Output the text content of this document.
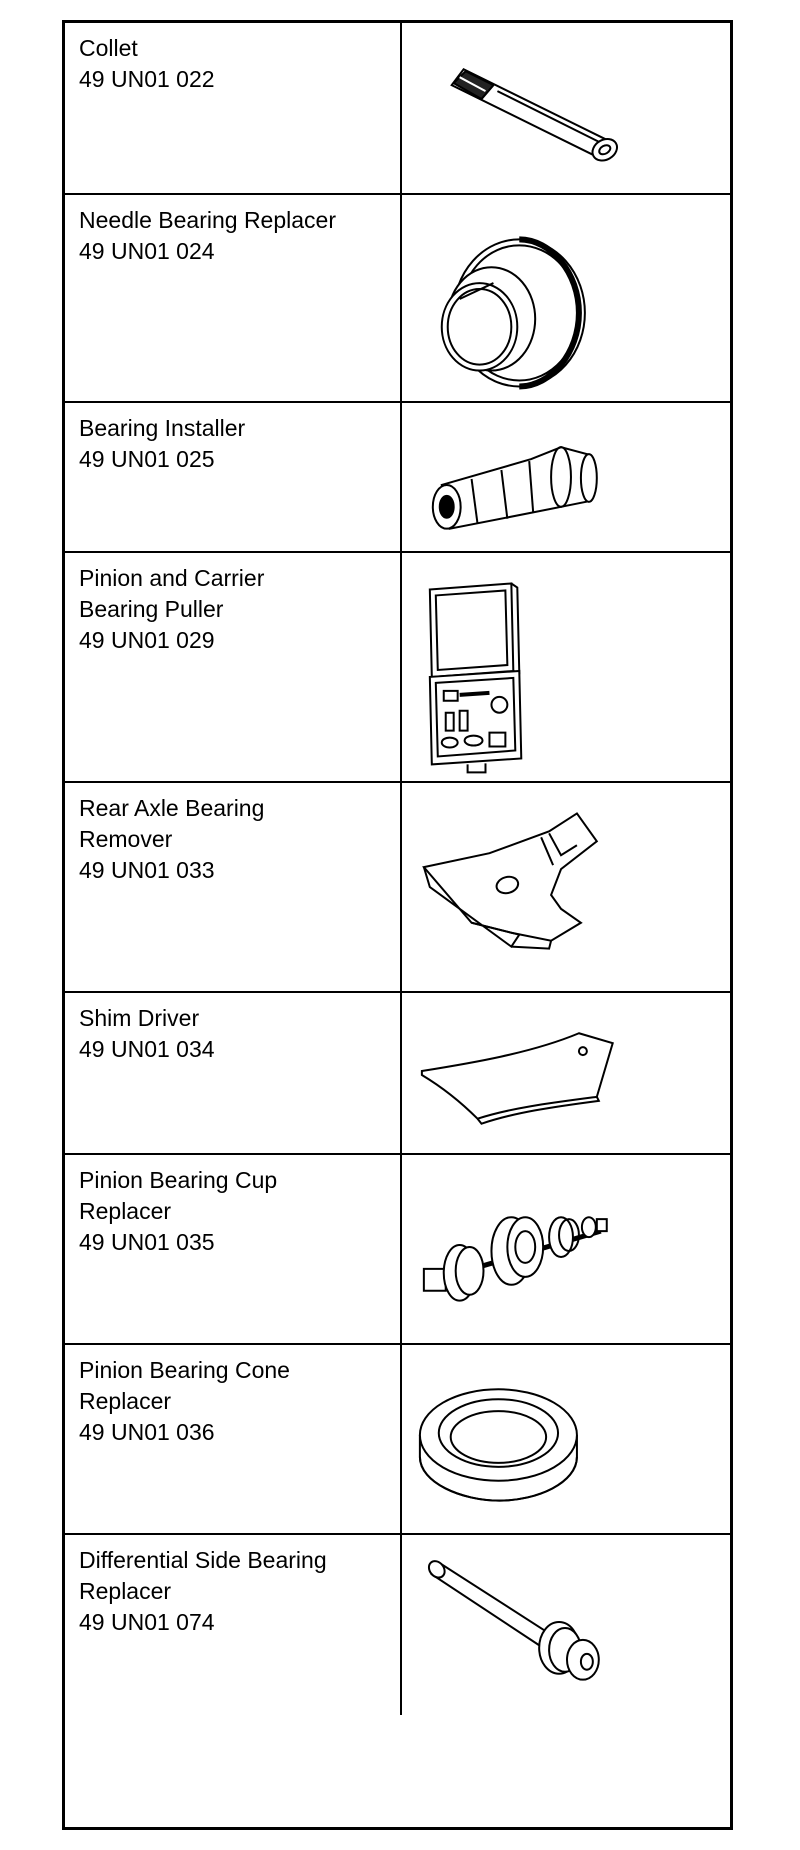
Collet
49 UN01 022
Needle Bearing Replacer
49 UN01 024
Bearing Installer
49 UN01 025
Pinion and Carrier
Bearing Puller
49 UN01 029
Rear Axle Bearing
Remover
49 UN01 033
Shim Driver
49 UN01 034
Pinion Bearing Cup
Replacer
49 UN01 035
Pinion Bearing Cone
Replacer
49 UN01 036
Differential Side Bearing
Replacer
49 UN01 074
